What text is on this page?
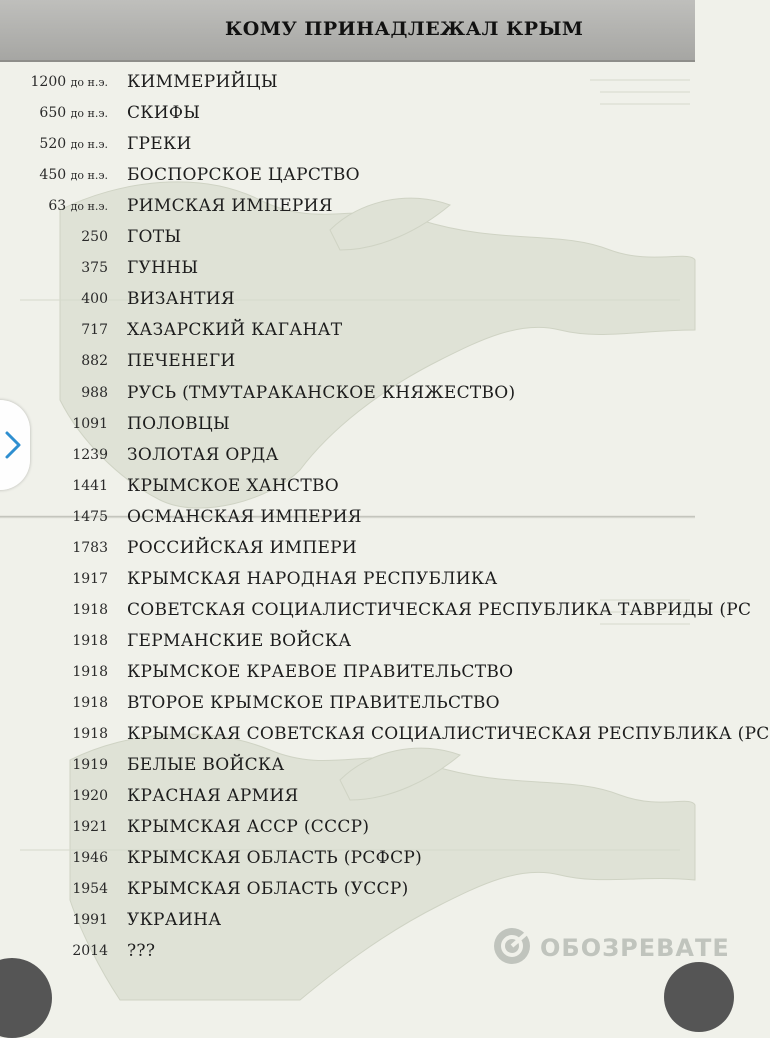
КОМУ ПРИНАДЛЕЖАЛ КРЫМ
1200 до н.э. КИММЕРИЙЦЫ
650 до н.э. СКИФЫ
520 до н.э. ГРЕКИ
450 до н.э. БОСПОРСКОЕ ЦАРСТВО
63 до н.э. РИМСКАЯ ИМПЕРИЯ
250 ГОТЫ
375 ГУННЫ
400 ВИЗАНТИЯ
717 ХАЗАРСКИЙ КАГАНАТ
882 ПЕЧЕНЕГИ
988 РУСЬ (ТМУТАРАКАНСКОЕ КНЯЖЕСТВО)
1091 ПОЛОВЦЫ
1239 ЗОЛОТАЯ ОРДА
1441 КРЫМСКОЕ ХАНСТВО
1475 ОСМАНСКАЯ ИМПЕРИЯ
1783 РОССИЙСКАЯ ИМПЕРИ
1917 КРЫМСКАЯ НАРОДНАЯ РЕСПУБЛИКА
1918 СОВЕТСКАЯ СОЦИАЛИСТИЧЕСКАЯ РЕСПУБЛИКА ТАВРИДЫ (РС
1918 ГЕРМАНСКИЕ ВОЙСКА
1918 КРЫМСКОЕ КРАЕВОЕ ПРАВИТЕЛЬСТВО
1918 ВТОРОЕ КРЫМСКОЕ ПРАВИТЕЛЬСТВО
1918 КРЫМСКАЯ СОВЕТСКАЯ СОЦИАЛИСТИЧЕСКАЯ РЕСПУБЛИКА (РС
1919 БЕЛЫЕ ВОЙСКА
1920 КРАСНАЯ АРМИЯ
1921 КРЫМСКАЯ АССР (СССР)
1946 КРЫМСКАЯ ОБЛАСТЬ (РСФСР)
1954 КРЫМСКАЯ ОБЛАСТЬ (УССР)
1991 УКРАИНА
2014 ???	ОБОЗРЕВАТЕ
